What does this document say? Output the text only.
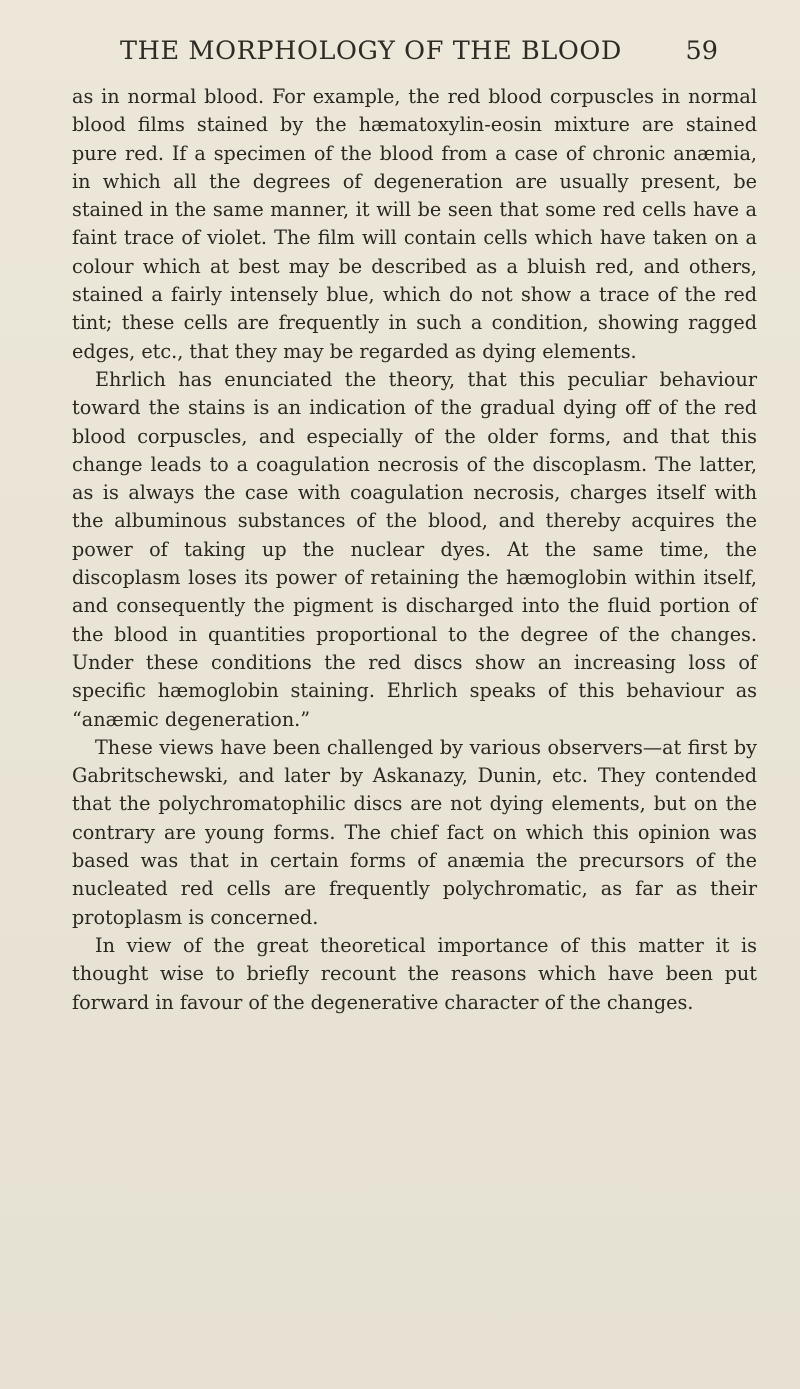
THE MORPHOLOGY OF THE BLOOD 59

as in normal blood. For example, the red blood corpuscles in normal blood films stained by the hæmatoxylin-eosin mixture are stained pure red. If a specimen of the blood from a case of chronic anæmia, in which all the degrees of degeneration are usually present, be stained in the same manner, it will be seen that some red cells have a faint trace of violet. The film will contain cells which have taken on a colour which at best may be described as a bluish red, and others, stained a fairly intensely blue, which do not show a trace of the red tint; these cells are frequently in such a condition, showing ragged edges, etc., that they may be regarded as dying elements.

Ehrlich has enunciated the theory, that this peculiar behaviour toward the stains is an indication of the gradual dying off of the red blood corpuscles, and especially of the older forms, and that this change leads to a coagulation necrosis of the discoplasm. The latter, as is always the case with coagulation necrosis, charges itself with the albuminous substances of the blood, and thereby acquires the power of taking up the nuclear dyes. At the same time, the discoplasm loses its power of retaining the hæmoglobin within itself, and consequently the pigment is discharged into the fluid portion of the blood in quantities proportional to the degree of the changes. Under these conditions the red discs show an increasing loss of specific hæmoglobin staining. Ehrlich speaks of this behaviour as “anæmic degeneration.”

These views have been challenged by various observers—at first by Gabritschewski, and later by Askanazy, Dunin, etc. They contended that the polychromatophilic discs are not dying elements, but on the contrary are young forms. The chief fact on which this opinion was based was that in certain forms of anæmia the precursors of the nucleated red cells are frequently polychromatic, as far as their protoplasm is concerned.

In view of the great theoretical importance of this matter it is thought wise to briefly recount the reasons which have been put forward in favour of the degenerative character of the changes.
